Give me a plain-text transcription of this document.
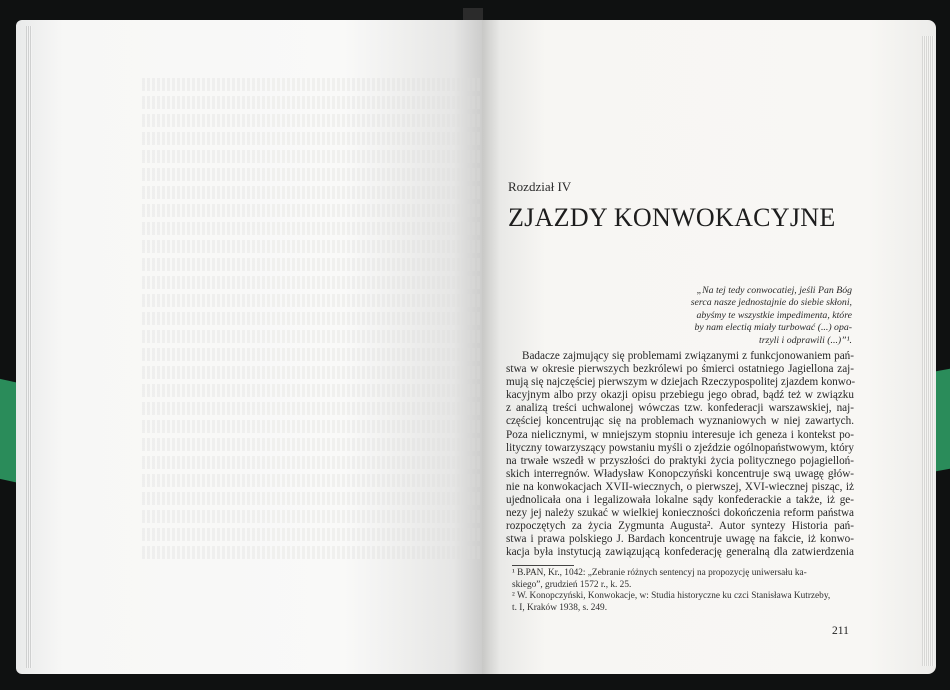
Rozdział IV
ZJAZDY KONWOKACYJNE
„Na tej tedy conwocatiej, jeśli Pan Bóg
serca nasze jednostajnie do siebie skłoni,
abyśmy te wszystkie impedimenta, które
by nam electią miały turbować (...) opa-
trzyli i odprawili (...)”¹.
Badacze zajmujący się problemami związanymi z funkcjonowaniem pań-
stwa w okresie pierwszych bezkrólewi po śmierci ostatniego Jagiellona zaj-
mują się najczęściej pierwszym w dziejach Rzeczypospolitej zjazdem konwo-
kacyjnym albo przy okazji opisu przebiegu jego obrad, bądź też w związku
z analizą treści uchwalonej wówczas tzw. konfederacji warszawskiej, naj-
częściej koncentrując się na problemach wyznaniowych w niej zawartych.
Poza nielicznymi, w mniejszym stopniu interesuje ich geneza i kontekst po-
lityczny towarzyszący powstaniu myśli o zjeździe ogólnopaństwowym, który
na trwałe wszedł w przyszłości do praktyki życia politycznego pojagielloń-
skich interregnów. Władysław Konopczyński koncentruje swą uwagę głów-
nie na konwokacjach XVII-wiecznych, o pierwszej, XVI-wiecznej pisząc, iż
ujednolicała ona i legalizowała lokalne sądy konfederackie a także, iż ge-
nezy jej należy szukać w wielkiej konieczności dokończenia reform państwa
rozpoczętych za życia Zygmunta Augusta². Autor syntezy Historia pań-
stwa i prawa polskiego J. Bardach koncentruje uwagę na fakcie, iż konwo-
kacja była instytucją zawiązującą konfederację generalną dla zatwierdzenia
¹ B.PAN, Kr., 1042: „Zebranie różnych sentencyj na propozycję uniwersału ka-
skiego”, grudzień 1572 r., k. 25.
² W. Konopczyński, Konwokacje, w: Studia historyczne ku czci Stanisława Kutrzeby,
t. I, Kraków 1938, s. 249.
211
